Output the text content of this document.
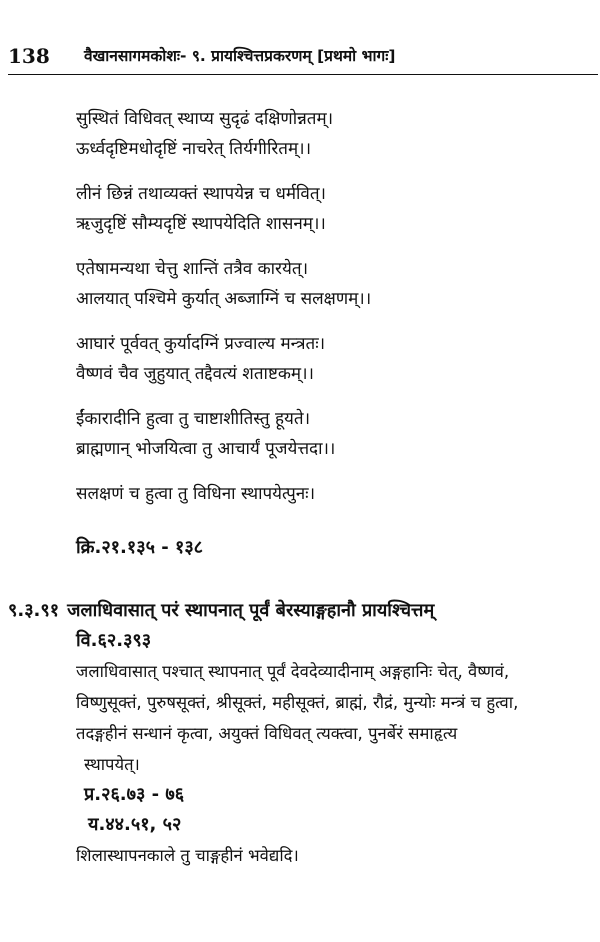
138 वैखानसागमकोशः- ९. प्रायश्चित्तप्रकरणम् [प्रथमो भागः]
सुस्थितं विधिवत् स्थाप्य सुदृढं दक्षिणोन्नतम्।
ऊर्ध्वदृष्टिमधोदृष्टिं नाचरेत् तिर्यगीरितम्।।
लीनं छिन्नं तथाव्यक्तं स्थापयेन्न च धर्मवित्।
ऋजुदृष्टिं सौम्यदृष्टिं स्थापयेदिति शासनम्।।
एतेषामन्यथा चेत्तु शान्तिं तत्रैव कारयेत्।
आलयात् पश्चिमे कुर्यात् अब्जाग्निं च सलक्षणम्।।
आघारं पूर्ववत् कुर्यादग्निं प्रज्वाल्य मन्त्रतः।
वैष्णवं चैव जुहुयात् तद्दैवत्यं शताष्टकम्।।
ईंकारादीनि हुत्वा तु चाष्टाशीतिस्तु हूयते।
ब्राह्मणान् भोजयित्वा तु आचार्यं पूजयेत्तदा।।
सलक्षणं च हुत्वा तु विधिना स्थापयेत्पुनः।
क्रि.२१.१३५ - १३८
९.३.९१ जलाधिवासात् परं स्थापनात् पूर्वं बेरस्याङ्गहानौ प्रायश्चित्तम्
वि.६२.३९३
जलाधिवासात् पश्चात् स्थापनात् पूर्वं देवदेव्यादीनाम् अङ्गहानिः चेत्, वैष्णवं,
विष्णुसूक्तं, पुरुषसूक्तं, श्रीसूक्तं, महीसूक्तं, ब्राह्मं, रौद्रं, मुन्योः मन्त्रं च हुत्वा,
तदङ्गहीनं सन्धानं कृत्वा, अयुक्तं विधिवत् त्यक्त्वा, पुनर्बेरं समाहृत्य
स्थापयेत्।
प्र.२६.७३ - ७६
य.४४.५१, ५२
शिलास्थापनकाले तु चाङ्गहीनं भवेद्यदि।
